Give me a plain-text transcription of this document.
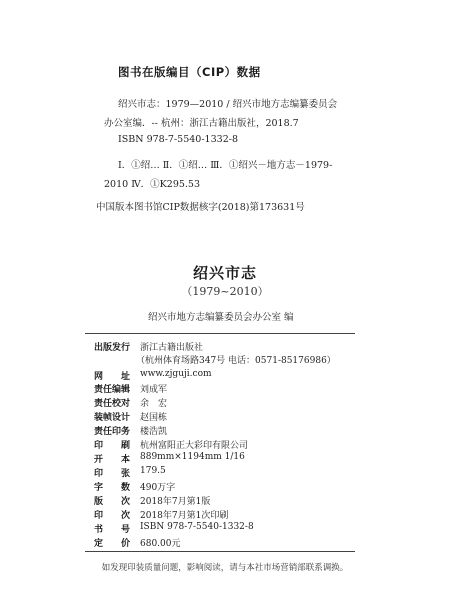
图书在版编目（CIP）数据
绍兴市志：1979—2010 / 绍兴市地方志编纂委员会
办公室编．-- 杭州：浙江古籍出版社，2018.7
ISBN 978-7-5540-1332-8
Ⅰ．①绍… Ⅱ．①绍… Ⅲ．①绍兴－地方志－1979-
2010 Ⅳ．①K295.53
中国版本图书馆CIP数据核字(2018)第173631号
绍兴市志
（1979~2010）
绍兴市地方志编纂委员会办公室 编
出版发行 浙江古籍出版社
（杭州体育场路347号 电话：0571-85176986）
网　　址 www.zjguji.com
责任编辑 刘成军
责任校对 余　宏
装帧设计 赵国栋
责任印务 楼浩凯
印　　刷 杭州富阳正大彩印有限公司
开　　本 889mm×1194mm 1/16
印　　张 179.5
字　　数 490万字
版　　次 2018年7月第1版
印　　次 2018年7月第1次印刷
书　　号 ISBN 978-7-5540-1332-8
定　　价 680.00元
如发现印装质量问题，影响阅读，请与本社市场营销部联系调换。
